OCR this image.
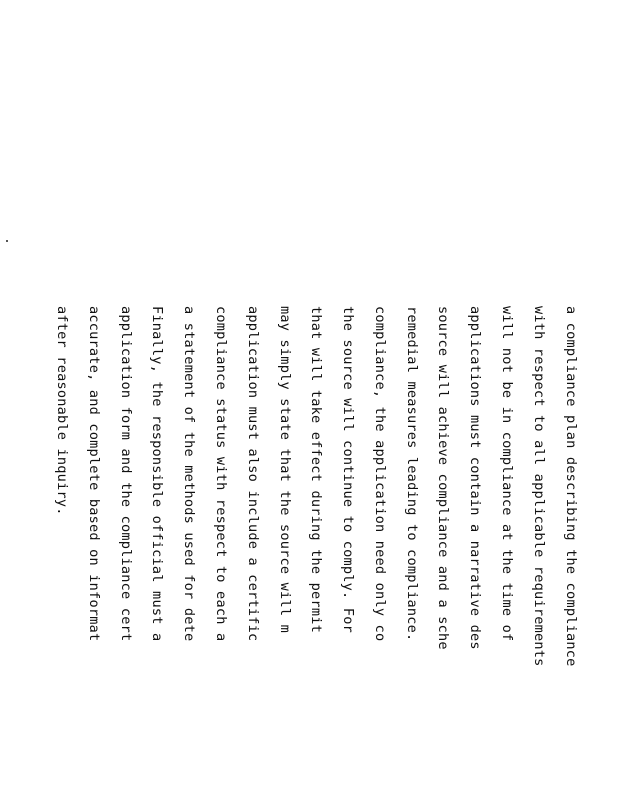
a compliance plan describing the compliance

with respect to all applicable requirements

will not be in compliance at the time of

applications must contain a narrative des

source will achieve compliance and a sche

remedial measures leading to compliance.

compliance, the application need only co

the source will continue to comply. For

that will take effect during the permit

may simply state that the source will m

application must also include a certific

compliance status with respect to each a

a statement of the methods used for dete

Finally, the responsible official must a

application form and the compliance cert

accurate, and complete based on informat

after reasonable inquiry.
